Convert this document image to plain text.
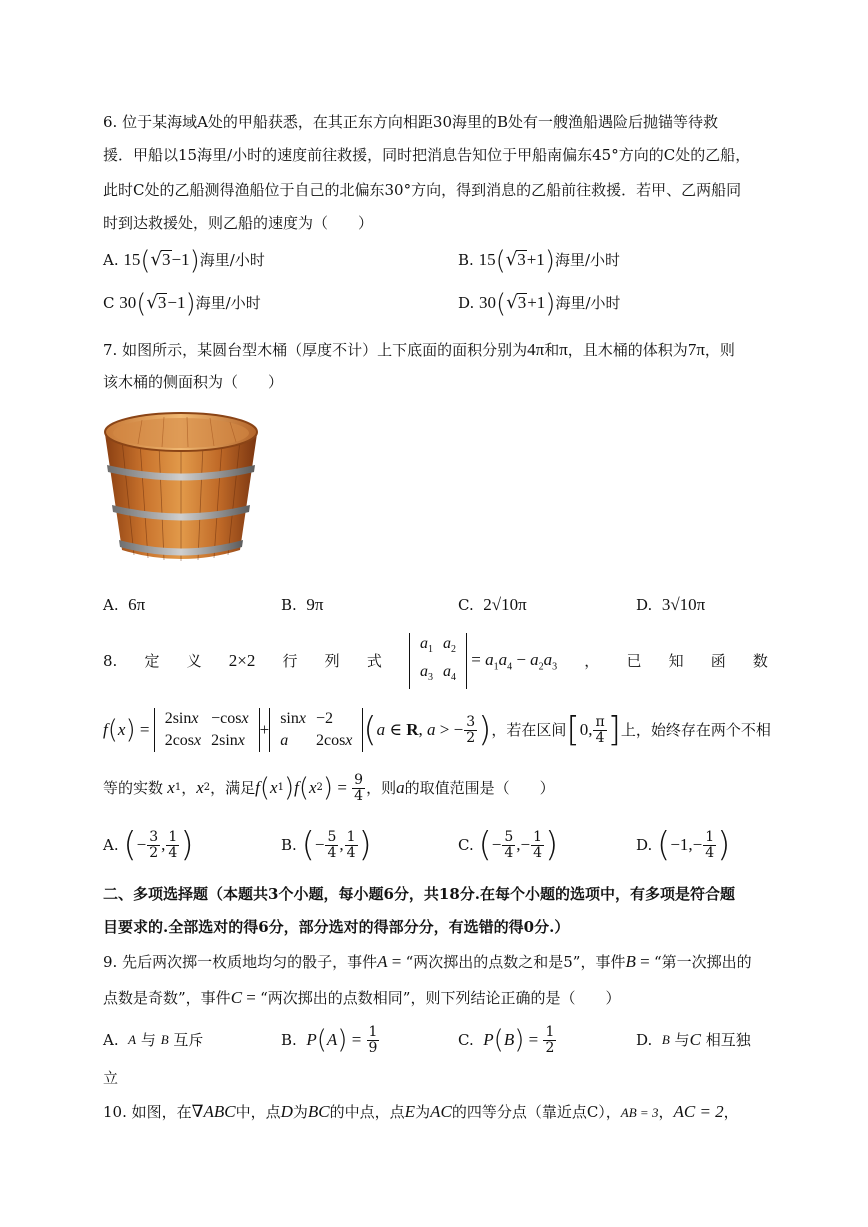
6. 位于某海域A处的甲船获悉，在其正东方向相距30海里的B处有一艘渔船遇险后抛锚等待救
援．甲船以15海里/小时的速度前往救援，同时把消息告知位于甲船南偏东45°方向的C处的乙船，
此时C处的乙船测得渔船位于自己的北偏东30°方向，得到消息的乙船前往救援．若甲、乙两船同
时到达救援处，则乙船的速度为（　　）
A. 15(√3−1)海里/小时	B. 15(√3+1)海里/小时
C 30(√3−1)海里/小时	D. 30(√3+1)海里/小时
7. 如图所示，某圆台型木桶（厚度不计）上下底面的面积分别为4π和π，且木桶的体积为7π，则
该木桶的侧面积为（　　）
A. 6π	B. 9π	C. 2√10π	D. 3√10π
8. 定 义 2×2 行 列 式
$a_1$	$a_2$
$a_3$	$a_4$
= $a_1a_4 - a_2a_3$ ， 已 知 函 数
f ( x ) =
2sinx	−cosx
2cosx	2sinx
+
sinx	−2
a	2cosx ( a ∈ R, a > − $\frac{3}{2}$ ) ，若在区间 [ 0, $\frac{\pi}{4}$ ] 上，始终存在两个不相
等的实数 x 1 ， x 2 ，满足 f ( x 1 ) f ( x 2 ) = $\frac{9}{4}$ ，则 a 的取值范围是（　　）
A.
( − $\frac{3}{2}$ , $\frac{1}{4}$ )	B.
( − $\frac{5}{4}$ , $\frac{1}{4}$ )	C.
( − $\frac{5}{4}$ ,− $\frac{1}{4}$ )	D.
( $-1,- \frac{1}{4}$ )
二、多项选择题（本题共3个小题，每小题6分，共18分.在每个小题的选项中，有多项是符合题
目要求的.全部选对的得6分，部分选对的得部分分，有选错的得0分.）
9. 先后两次掷一枚质地均匀的骰子，事件A = “两次掷出的点数之和是5”，事件B = “第一次掷出的
点数是奇数”，事件C = “两次掷出的点数相同”，则下列结论正确的是（　　）
A.
A
与
B
互斥	B.
P ( A ) = $\frac{1}{9}$	C.
P ( B ) = $\frac{1}{2}$	D.
B
与 C
相互独
立
10. 如图，在∇ABC中，点D为BC的中点，点E为AC的四等分点（靠近点C），AB = 3，AC = 2，
